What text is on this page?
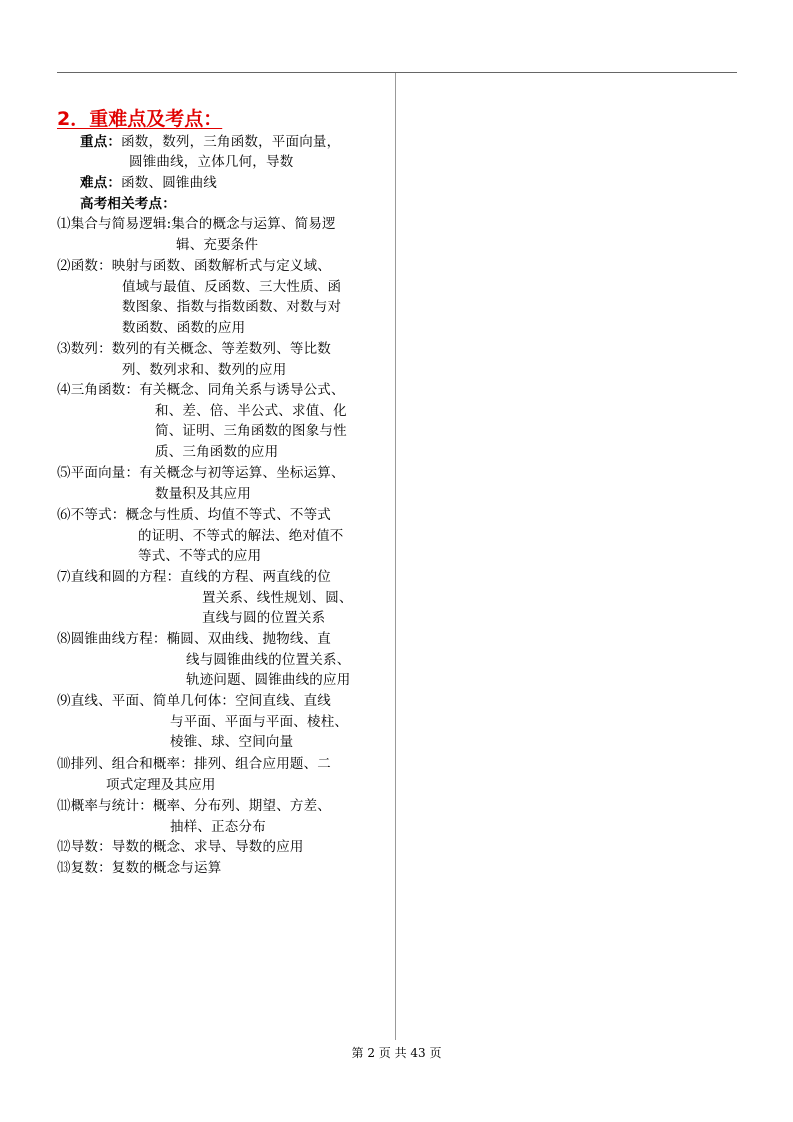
2．重难点及考点：
重点：函数，数列，三角函数，平面向量，
圆锥曲线，立体几何，导数
难点：函数、圆锥曲线
高考相关考点：
⑴集合与简易逻辑:集合的概念与运算、简易逻
辑、充要条件
⑵函数：映射与函数、函数解析式与定义域、
值域与最值、反函数、三大性质、函
数图象、指数与指数函数、对数与对
数函数、函数的应用
⑶数列：数列的有关概念、等差数列、等比数
列、数列求和、数列的应用
⑷三角函数：有关概念、同角关系与诱导公式、
和、差、倍、半公式、求值、化
简、证明、三角函数的图象与性
质、三角函数的应用
⑸平面向量：有关概念与初等运算、坐标运算、
数量积及其应用
⑹不等式：概念与性质、均值不等式、不等式
的证明、不等式的解法、绝对值不
等式、不等式的应用
⑺直线和圆的方程：直线的方程、两直线的位
置关系、线性规划、圆、
直线与圆的位置关系
⑻圆锥曲线方程：椭圆、双曲线、抛物线、直
线与圆锥曲线的位置关系、
轨迹问题、圆锥曲线的应用
⑼直线、平面、简单几何体：空间直线、直线
与平面、平面与平面、棱柱、
棱锥、球、空间向量
⑽排列、组合和概率：排列、组合应用题、二
项式定理及其应用
⑾概率与统计：概率、分布列、期望、方差、
抽样、正态分布
⑿导数：导数的概念、求导、导数的应用
⒀复数：复数的概念与运算
第 2 页 共 43 页
